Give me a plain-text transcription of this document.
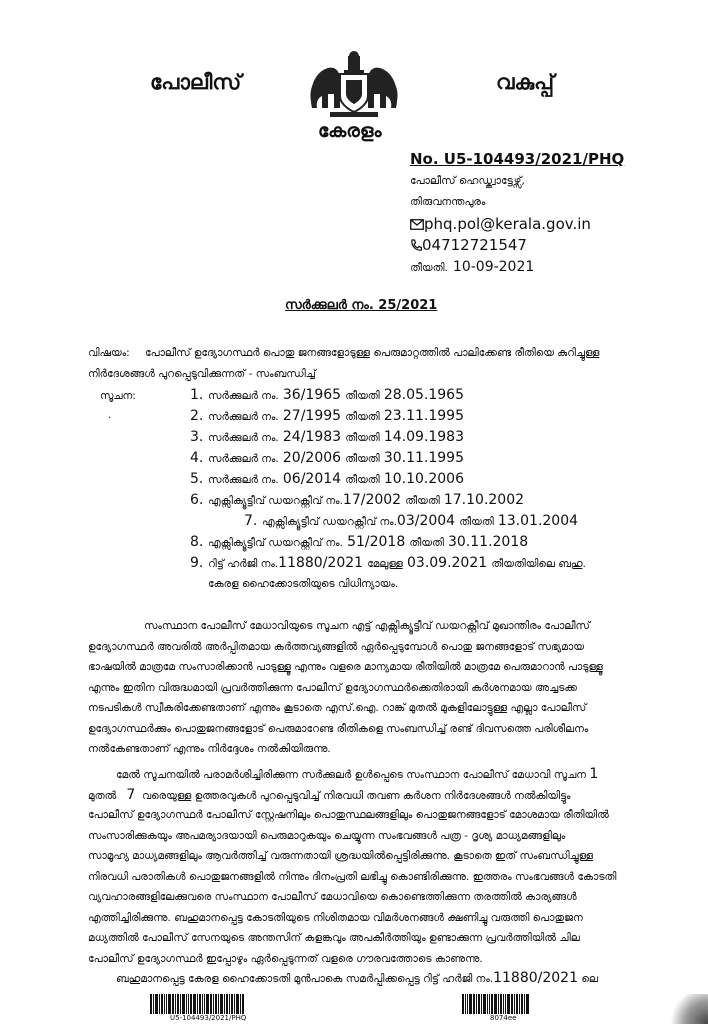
പോലീസ്	വകുപ്പ്
കേരളം
No. U5-104493/2021/PHQ
പോലീസ് ഹെഡ്ക്വാട്ടേഴ്സ്,
തിരുവനന്തപുരം
phq.pol@kerala.gov.in
04712721547
തീയതി. 10-09-2021
സർക്കുലർ നം. 25/2021
വിഷയം: പോലീസ് ഉദ്യോഗസ്ഥർ പൊതു ജനങ്ങളോടുള്ള പെരുമാറ്റത്തിൽ പാലിക്കേണ്ട രീതിയെ കുറിച്ചുള്ള
നിർദേശങ്ങൾ പുറപ്പെടുവിക്കുന്നത് - സംബന്ധിച്ച്
സൂചന:
.
1. സർക്കുലർ നം. 36/1965 തീയതി 28.05.1965
2. സർക്കുലർ നം. 27/1995 തീയതി 23.11.1995
3. സർക്കുലർ നം. 24/1983 തീയതി 14.09.1983
4. സർക്കുലർ നം. 20/2006 തീയതി 30.11.1995
5. സർക്കുലർ നം. 06/2014 തീയതി 10.10.2006
6. എക്സിക്യൂട്ടീവ് ഡയറക്റ്റീവ് നം.17/2002 തീയതി 17.10.2002
7. എക്സിക്യൂട്ടീവ് ഡയറക്റ്റീവ് നം.03/2004 തീയതി 13.01.2004
8. എക്സിക്യൂട്ടീവ് ഡയറക്റ്റീവ് നം. 51/2018 തീയതി 30.11.2018
9. റിട്ട് ഹർജി നം.11880/2021 മേലുള്ള 03.09.2021 തീയതിയിലെ ബഹു.
കേരള ഹൈക്കോടതിയുടെ വിധിന്യായം.
സംസ്ഥാന പോലീസ് മേധാവിയുടെ സൂചന എട്ട് എക്സിക്യൂട്ടീവ് ഡയറക്റ്റീവ് മുഖാന്തിരം പോലീസ്
ഉദ്യോഗസ്ഥർ അവരിൽ അർപ്പിതമായ കർത്തവ്യങ്ങളിൽ ഏർപ്പെടുമ്പോൾ പൊതു ജനങ്ങളോട് സഭ്യമായ
ഭാഷയിൽ മാത്രമേ സംസാരിക്കാൻ പാടുള്ളൂ എന്നും വളരെ മാന്യമായ രീതിയിൽ മാത്രമേ പെരുമാറാൻ പാടുള്ളൂ
എന്നും ഇതിന വിരുദ്ധമായി പ്രവർത്തിക്കുന്ന പോലീസ് ഉദ്യോഗസ്ഥർക്കെതിരായി കർശനമായ അച്ചടക്ക
നടപടികൾ സ്വീകരിക്കേണ്ടതാണ് എന്നും കൂടാതെ എസ്.ഐ. റാങ്ക് മുതൽ മുകളിലോട്ടുള്ള എല്ലാ പോലീസ്
ഉദ്യോഗസ്ഥർക്കും പൊതുജനങ്ങളോട് പെരുമാറേണ്ട രീതികളെ സംബന്ധിച്ച് രണ്ട് ദിവസത്തെ പരിശീലനം
നൽകേണ്ടതാണ് എന്നും നിർദ്ദേശം നൽകിയിരുന്നു.
മേൽ സൂചനയിൽ പരാമർശിച്ചിരിക്കുന്ന സർക്കുലർ ഉൾപ്പെടെ സംസ്ഥാന പോലീസ് മേധാവി സൂചന 1
മുതൽ 7 വരെയുള്ള ഉത്തരവുകൾ പുറപ്പെടുവിച്ച് നിരവധി തവണ കർശന നിർദേശങ്ങൾ നൽകിയിട്ടും
പോലീസ് ഉദ്യോഗസ്ഥർ പോലീസ് സ്റ്റേഷനിലും പൊതുസ്ഥലങ്ങളിലും പൊതുജനങ്ങളോട് മോശമായ രീതിയിൽ
സംസാരിക്കുകയും അപമര്യാദയായി പെരുമാറുകയും ചെയ്യുന്ന സംഭവങ്ങൾ പത്ര - ദൃശ്യ മാധ്യമങ്ങളിലും
സാമൂഹ്യ മാധ്യമങ്ങളിലും ആവർത്തിച്ച് വരുന്നതായി ശ്രദ്ധയിൽപ്പെട്ടിരിക്കുന്നു. കൂടാതെ ഇത് സംബന്ധിച്ചുള്ള
നിരവധി പരാതികൾ പൊതുജനങ്ങളിൽ നിന്നും ദിനംപ്രതി ലഭിച്ചു കൊണ്ടിരിക്കുന്നു. ഇത്തരം സംഭവങ്ങൾ കോടതി
വ്യവഹാരങ്ങളിലേക്കുവരെ സംസ്ഥാന പോലീസ് മേധാവിയെ കൊണ്ടെത്തിക്കുന്ന തരത്തിൽ കാര്യങ്ങൾ
എത്തിച്ചിരിക്കുന്നു. ബഹുമാനപ്പെട്ട കോടതിയുടെ നിശിതമായ വിമർശനങ്ങൾ ക്ഷണിച്ചു വരുത്തി പൊതുജന
മധ്യത്തിൽ പോലീസ് സേനയുടെ അന്തസിന് കളങ്കവും അപകീർത്തിയും ഉണ്ടാക്കുന്ന പ്രവർത്തിയിൽ ചില
പോലീസ് ഉദ്യോഗസ്ഥർ ഇപ്പോഴും ഏർപ്പെടുന്നത് വളരെ ഗൗരവത്തോടെ കാണുന്നു.
ബഹുമാനപ്പെട്ട കേരള ഹൈക്കോടതി മുൻപാകെ സമർപ്പിക്കപ്പെട്ട റിട്ട് ഹർജി നം.11880/2021 ലെ
U5-104493/2021/PHQ	8074ee
